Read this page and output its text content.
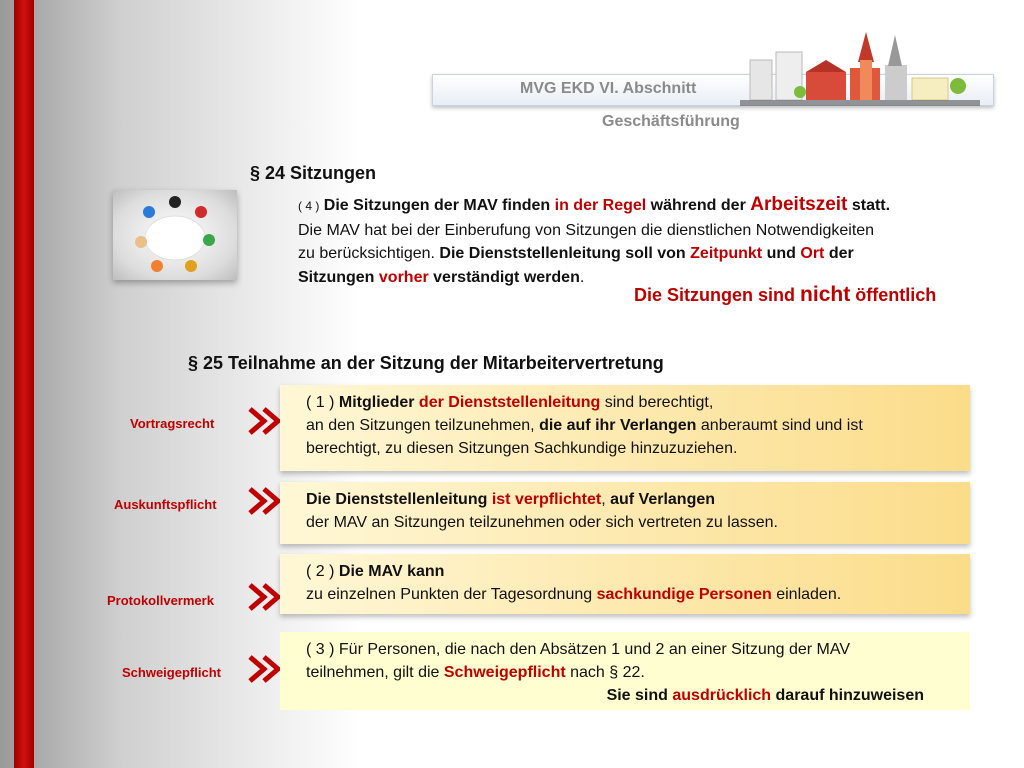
MVG EKD VI. Abschnitt
Geschäftsführung
§ 24 Sitzungen
( 4 ) Die Sitzungen der MAV finden in der Regel während der Arbeitszeit statt.
Die MAV hat bei der Einberufung von Sitzungen die dienstlichen Notwendigkeiten
zu berücksichtigen. Die Dienststellenleitung soll von Zeitpunkt und Ort der
Sitzungen vorher verständigt werden.
Die Sitzungen sind nicht öffentlich
§ 25 Teilnahme an der Sitzung der Mitarbeitervertretung
Vortragsrecht
Auskunftspflicht
Protokollvermerk
Schweigepflicht
( 1 ) Mitglieder der Dienststellenleitung sind berechtigt,
an den Sitzungen teilzunehmen, die auf ihr Verlangen anberaumt sind und ist
berechtigt, zu diesen Sitzungen Sachkundige hinzuzuziehen.
Die Dienststellenleitung ist verpflichtet, auf Verlangen
der MAV an Sitzungen teilzunehmen oder sich vertreten zu lassen.
( 2 ) Die MAV kann
zu einzelnen Punkten der Tagesordnung sachkundige Personen einladen.
( 3 ) Für Personen, die nach den Absätzen 1 und 2 an einer Sitzung der MAV
teilnehmen, gilt die Schweigepflicht nach § 22.
Sie sind ausdrücklich darauf hinzuweisen
